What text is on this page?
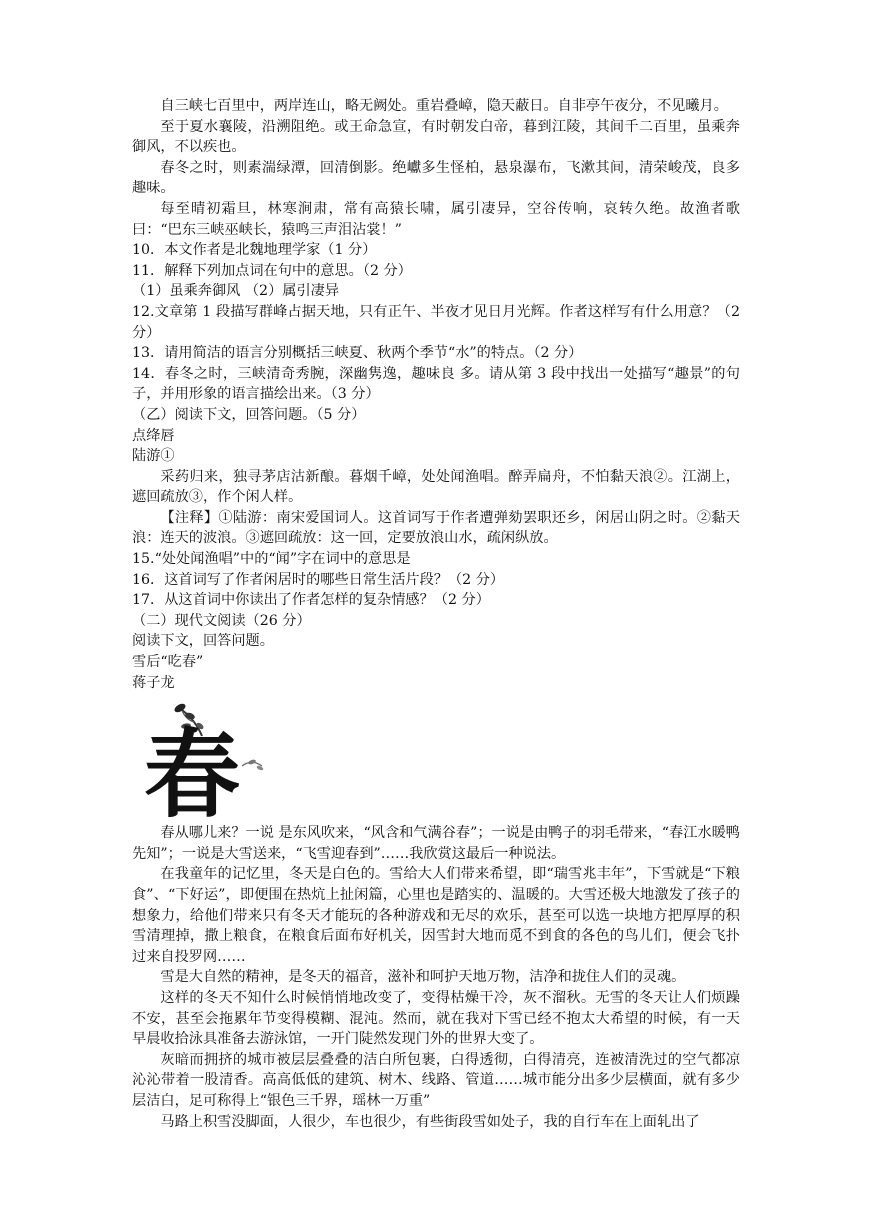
自三峡七百里中，两岸连山，略无阙处。重岩叠嶂，隐天蔽日。自非亭午夜分，不见曦月。

至于夏水襄陵，沿溯阻绝。或王命急宣，有时朝发白帝，暮到江陵，其间千二百里，虽乘奔御风，不以疾也。

春冬之时，则素湍绿潭，回清倒影。绝巘多生怪柏，悬泉瀑布，飞漱其间，清荣峻茂，良多趣味。

每至晴初霜旦，林寒涧肃，常有高猿长啸，属引凄异，空谷传响，哀转久绝。故渔者歌曰：“巴东三峡巫峡长，猿鸣三声泪沾裳！”

10．本文作者是北魏地理学家（1 分）

11．解释下列加点词在句中的意思。（2 分）

（1）虽乘奔御风 （2）属引凄异

12.文章第 1 段描写群峰占据天地，只有正午、半夜才见日月光辉。作者这样写有什么用意？（2 分）

13．请用简洁的语言分别概括三峡夏、秋两个季节“水”的特点。（2 分）

14．春冬之时，三峡清奇秀腕，深幽隽逸，趣味良 多。请从第 3 段中找出一处描写“趣景”的句子，并用形象的语言描绘出来。（3 分）

（乙）阅读下文，回答问题。（5 分）

点绛唇

陆游①

采药归来，独寻茅店沽新酿。暮烟千嶂，处处闻渔唱。醉弄扁舟，不怕黏天浪②。江湖上，遮回疏放③，作个闲人样。

【注释】①陆游：南宋爱国词人。这首词写于作者遭弹劾罢职还乡，闲居山阴之时。②黏天浪：连天的波浪。③遮回疏放：这一回，定要放浪山水，疏闲纵放。

15.“处处闻渔唱”中的“闻”字在词中的意思是

16．这首词写了作者闲居时的哪些日常生活片段？（2 分）

17．从这首词中你读出了作者怎样的复杂情感？（2 分）

（二）现代文阅读（26 分）

阅读下文，回答问题。

雪后“吃春”

蒋子龙

春

春从哪儿来？一说 是东风吹来，“风含和气满谷春”；一说是由鸭子的羽毛带来，“春江水暖鸭先知”；一说是大雪送来，“飞雪迎春到”……我欣赏这最后一种说法。

在我童年的记忆里，冬天是白色的。雪给大人们带来希望，即“瑞雪兆丰年”，下雪就是“下粮食”、“下好运”，即便围在热炕上扯闲篇，心里也是踏实的、温暖的。大雪还极大地激发了孩子的想象力，给他们带来只有冬天才能玩的各种游戏和无尽的欢乐，甚至可以选一块地方把厚厚的积雪清理掉，撒上粮食，在粮食后面布好机关，因雪封大地而觅不到食的各色的鸟儿们，便会飞扑过来自投罗网……

雪是大自然的精神，是冬天的福音，滋补和呵护天地万物，洁净和拢住人们的灵魂。

这样的冬天不知什么时候悄悄地改变了，变得枯燥干冷，灰不溜秋。无雪的冬天让人们烦躁不安，甚至会拖累年节变得模糊、混沌。然而，就在我对下雪已经不抱太大希望的时候，有一天早晨收拾泳具准备去游泳馆，一开门陡然发现门外的世界大变了。

灰暗而拥挤的城市被层层叠叠的洁白所包裹，白得透彻，白得清亮，连被清洗过的空气都凉沁沁带着一股清香。高高低低的建筑、树木、线路、管道……城市能分出多少层横面，就有多少层洁白，足可称得上“银色三千界，瑶林一万重”

马路上积雪没脚面，人很少，车也很少，有些街段雪如处子，我的自行车在上面轧出了
